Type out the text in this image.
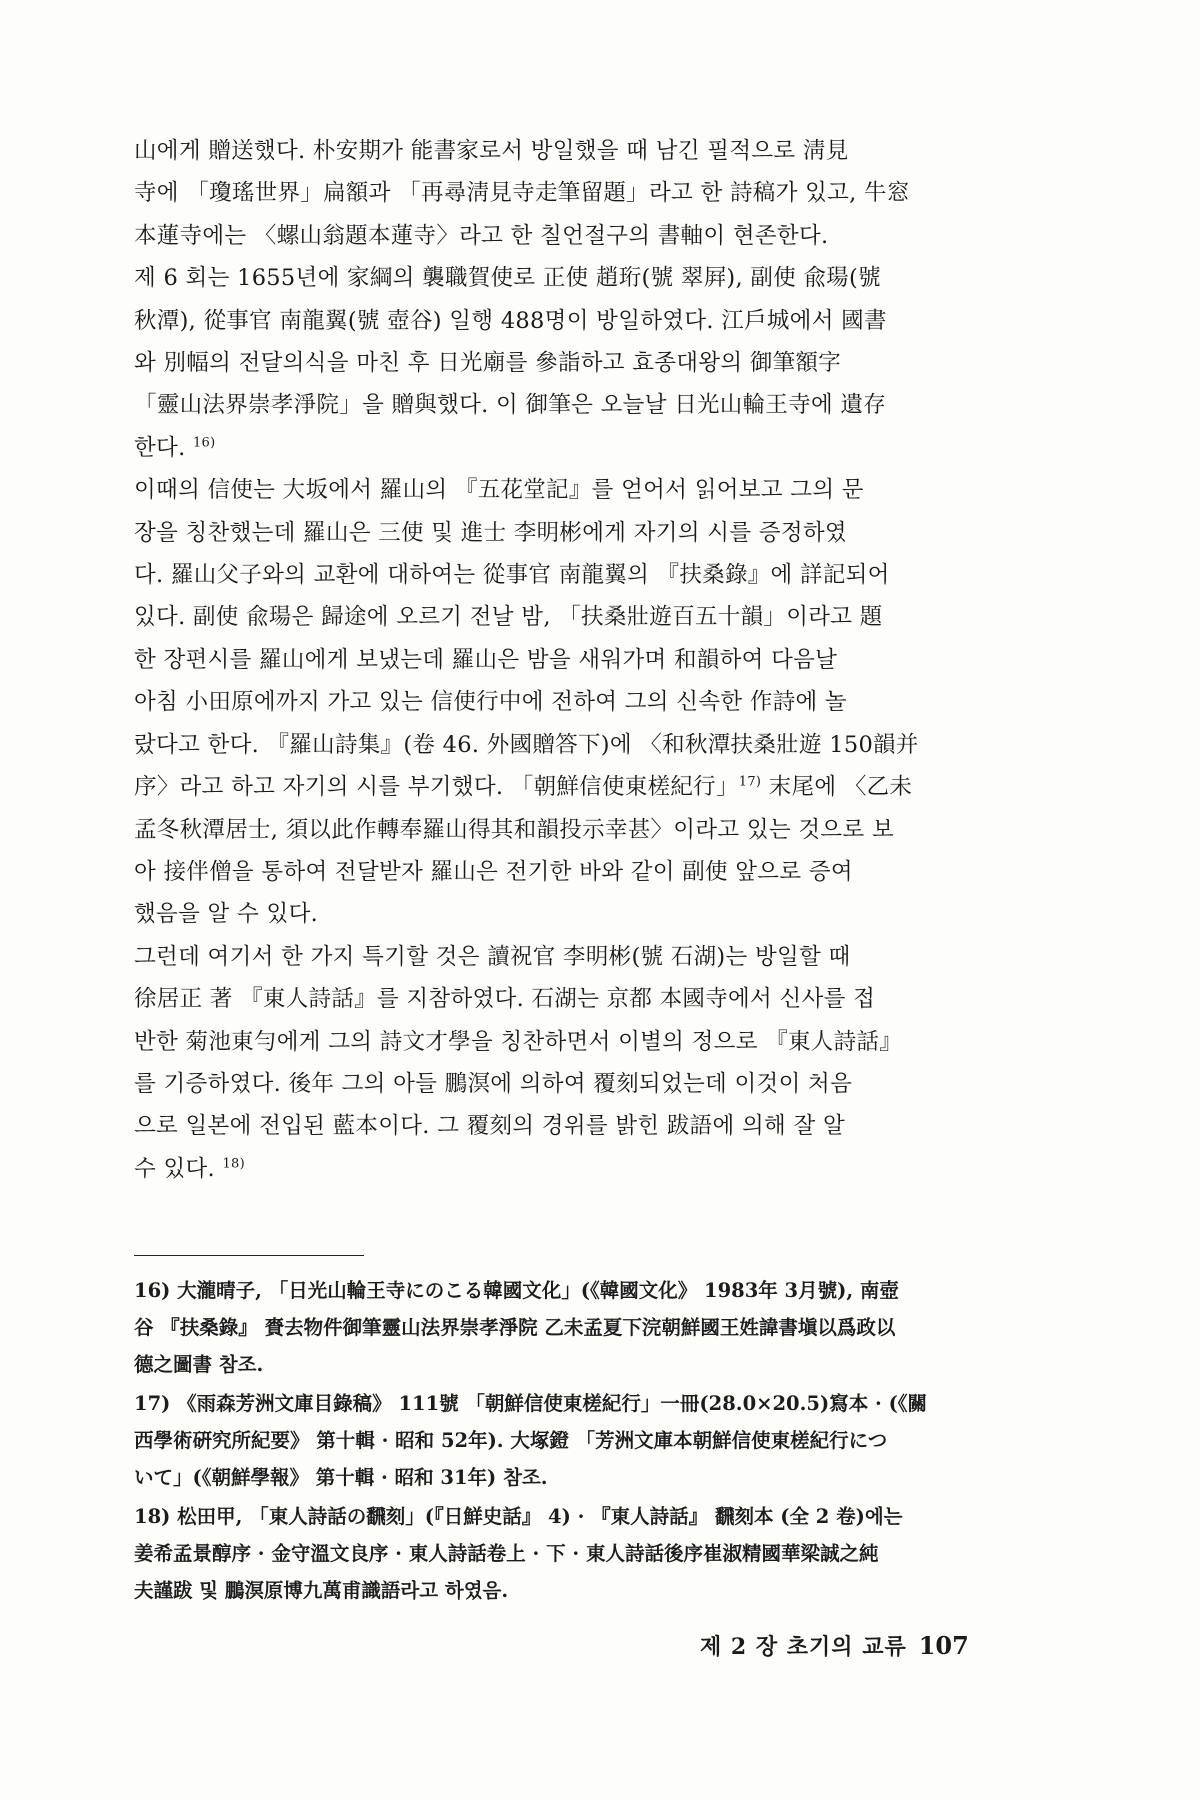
山에게 贈送했다. 朴安期가 能書家로서 방일했을 때 남긴 필적으로 淸見
寺에 「瓊瑤世界」扁額과 「再尋淸見寺走筆留題」라고 한 詩稿가 있고, 牛窓
本蓮寺에는 〈螺山翁題本蓮寺〉라고 한 칠언절구의 書軸이 현존한다.

제 6 회는 1655년에 家綱의 襲職賀使로 正使 趙珩(號 翠屛), 副使 兪瑒(號
秋潭), 從事官 南龍翼(號 壺谷) 일행 488명이 방일하였다. 江戶城에서 國書
와 別幅의 전달의식을 마친 후 日光廟를 參詣하고 효종대왕의 御筆額字
「靈山法界崇孝淨院」을 贈與했다. 이 御筆은 오늘날 日光山輪王寺에 遺存
한다. $^{16)}$

이때의 信使는 大坂에서 羅山의 『五花堂記』를 얻어서 읽어보고 그의 문
장을 칭찬했는데 羅山은 三使 및 進士 李明彬에게 자기의 시를 증정하였
다. 羅山父子와의 교환에 대하여는 從事官 南龍翼의 『扶桑錄』에 詳記되어
있다. 副使 兪瑒은 歸途에 오르기 전날 밤, 「扶桑壯遊百五十韻」이라고 題
한 장편시를 羅山에게 보냈는데 羅山은 밤을 새워가며 和韻하여 다음날
아침 小田原에까지 가고 있는 信使行中에 전하여 그의 신속한 作詩에 놀
랐다고 한다. 『羅山詩集』(卷 46. 外國贈答下)에 〈和秋潭扶桑壯遊 150韻并
序〉라고 하고 자기의 시를 부기했다. 「朝鮮信使東槎紀行」$^{17)}$ 末尾에 〈乙未
孟冬秋潭居士, 須以此作轉奉羅山得其和韻投示幸甚〉이라고 있는 것으로 보
아 接伴僧을 통하여 전달받자 羅山은 전기한 바와 같이 副使 앞으로 증여
했음을 알 수 있다.

그런데 여기서 한 가지 특기할 것은 讀祝官 李明彬(號 石湖)는 방일할 때
徐居正 著 『東人詩話』를 지참하였다. 石湖는 京都 本國寺에서 신사를 접
반한 菊池東勻에게 그의 詩文才學을 칭찬하면서 이별의 정으로 『東人詩話』
를 기증하였다. 後年 그의 아들 鵬溟에 의하여 覆刻되었는데 이것이 처음
으로 일본에 전입된 藍本이다. 그 覆刻의 경위를 밝힌 跋語에 의해 잘 알
수 있다. $^{18)}$

16) 大瀧晴子, 「日光山輪王寺にのこる韓國文化」(《韓國文化》 1983年 3月號), 南壺
谷 『扶桑錄』 賚去物件御筆靈山法界崇孝淨院 乙未孟夏下浣朝鮮國王姓諱書塡以爲政以
德之圖書 참조.

17) 《雨森芳洲文庫目錄稿》 111號 「朝鮮信使東槎紀行」一冊(28.0×20.5)寫本 · (《關
西學術硏究所紀要》 第十輯 · 昭和 52年). 大塚鐙 「芳洲文庫本朝鮮信使東槎紀行につ
いて」(《朝鮮學報》 第十輯 · 昭和 31年) 참조.

18) 松田甲, 「東人詩話の飜刻」(『日鮮史話』 4) · 『東人詩話』 飜刻本 (全 2 卷)에는
姜希孟景醇序 · 金守溫文良序 · 東人詩話卷上 · 下 · 東人詩話後序崔淑精國華梁誠之純
夫謹跋 및 鵬溟原博九萬甫識語라고 하였음.

제 2 장 초기의 교류 107
